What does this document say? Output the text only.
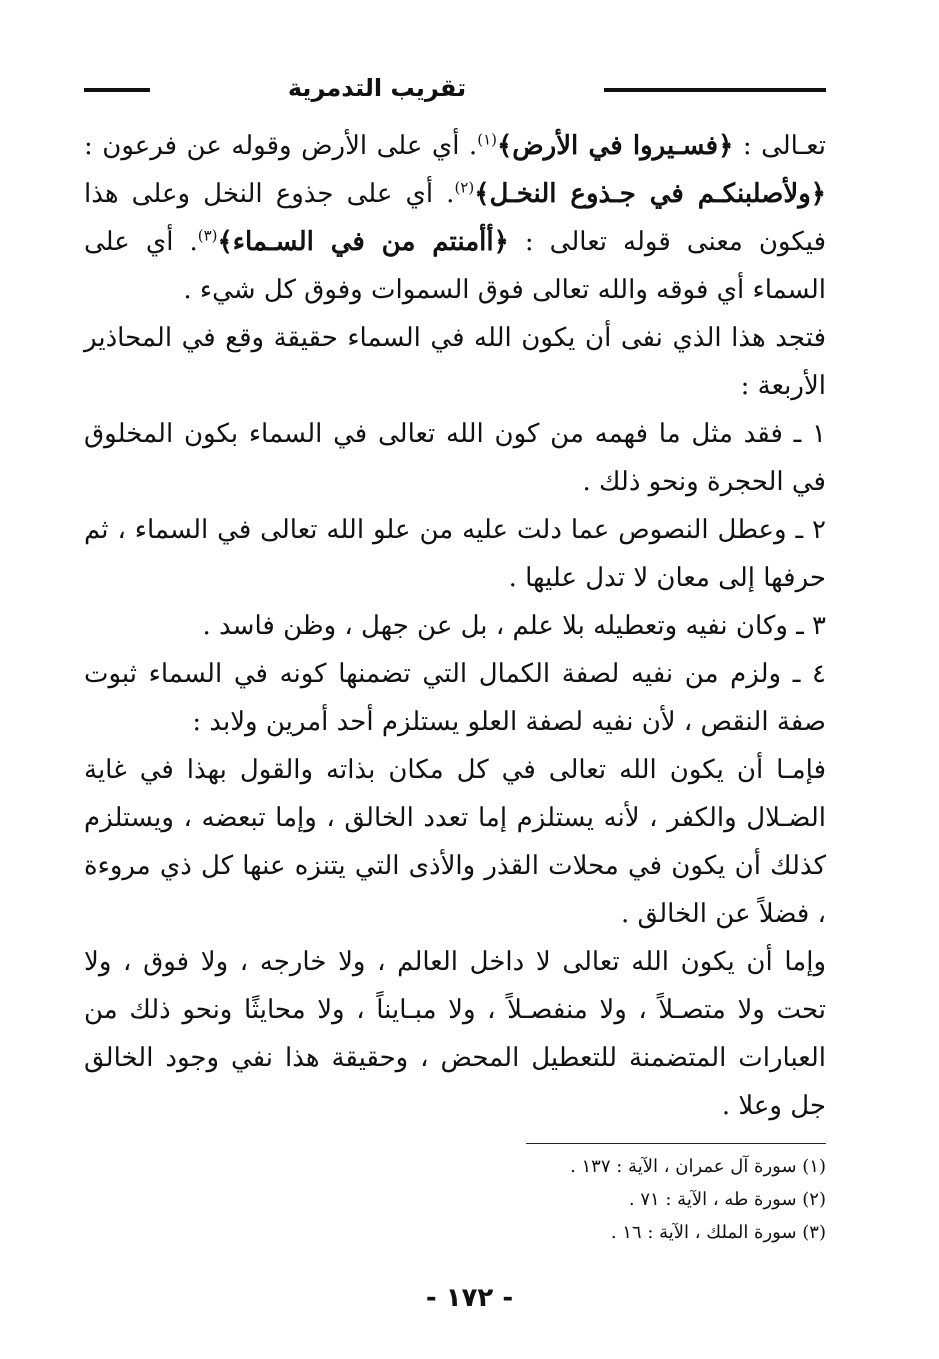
تقريب التدمرية

تعـالى : ﴿فسـيروا في الأرض﴾$^{(١)}$. أي على الأرض وقوله عن فرعون : ﴿ولأصلبنكـم في جـذوع النخـل﴾$^{(٢)}$. أي على جذوع النخل وعلى هذا فيكون معنى قوله تعالى : ﴿أأمنتم من في السـماء﴾$^{(٣)}$. أي على السماء أي فوقه والله تعالى فوق السموات وفوق كل شيء .

فتجد هذا الذي نفى أن يكون الله في السماء حقيقة وقع في المحاذير الأربعة :

١ ـ فقد مثل ما فهمه من كون الله تعالى في السماء بكون المخلوق في الحجرة ونحو ذلك .

٢ ـ وعطل النصوص عما دلت عليه من علو الله تعالى في السماء ، ثم حرفها إلى معان لا تدل عليها .

٣ ـ وكان نفيه وتعطيله بلا علم ، بل عن جهل ، وظن فاسد .

٤ ـ ولزم من نفيه لصفة الكمال التي تضمنها كونه في السماء ثبوت صفة النقص ، لأن نفيه لصفة العلو يستلزم أحد أمرين ولابد :

فإمـا أن يكون الله تعالى في كل مكان بذاته والقول بهذا في غاية الضـلال والكفر ، لأنه يستلزم إما تعدد الخالق ، وإما تبعضه ، ويستلزم كذلك أن يكون في محلات القذر والأذى التي يتنزه عنها كل ذي مروءة ، فضلاً عن الخالق .

وإما أن يكون الله تعالى لا داخل العالم ، ولا خارجه ، ولا فوق ، ولا تحت ولا متصـلاً ، ولا منفصـلاً ، ولا مبـايناً ، ولا محايثًا ونحو ذلك من العبارات المتضمنة للتعطيل المحض ، وحقيقة هذا نفي وجود الخالق جل وعلا .

(١) سورة آل عمران ، الآية : ١٣٧ .
(٢) سورة طه ، الآية : ٧١ .
(٣) سورة الملك ، الآية : ١٦ .
- ١٧٢ -
